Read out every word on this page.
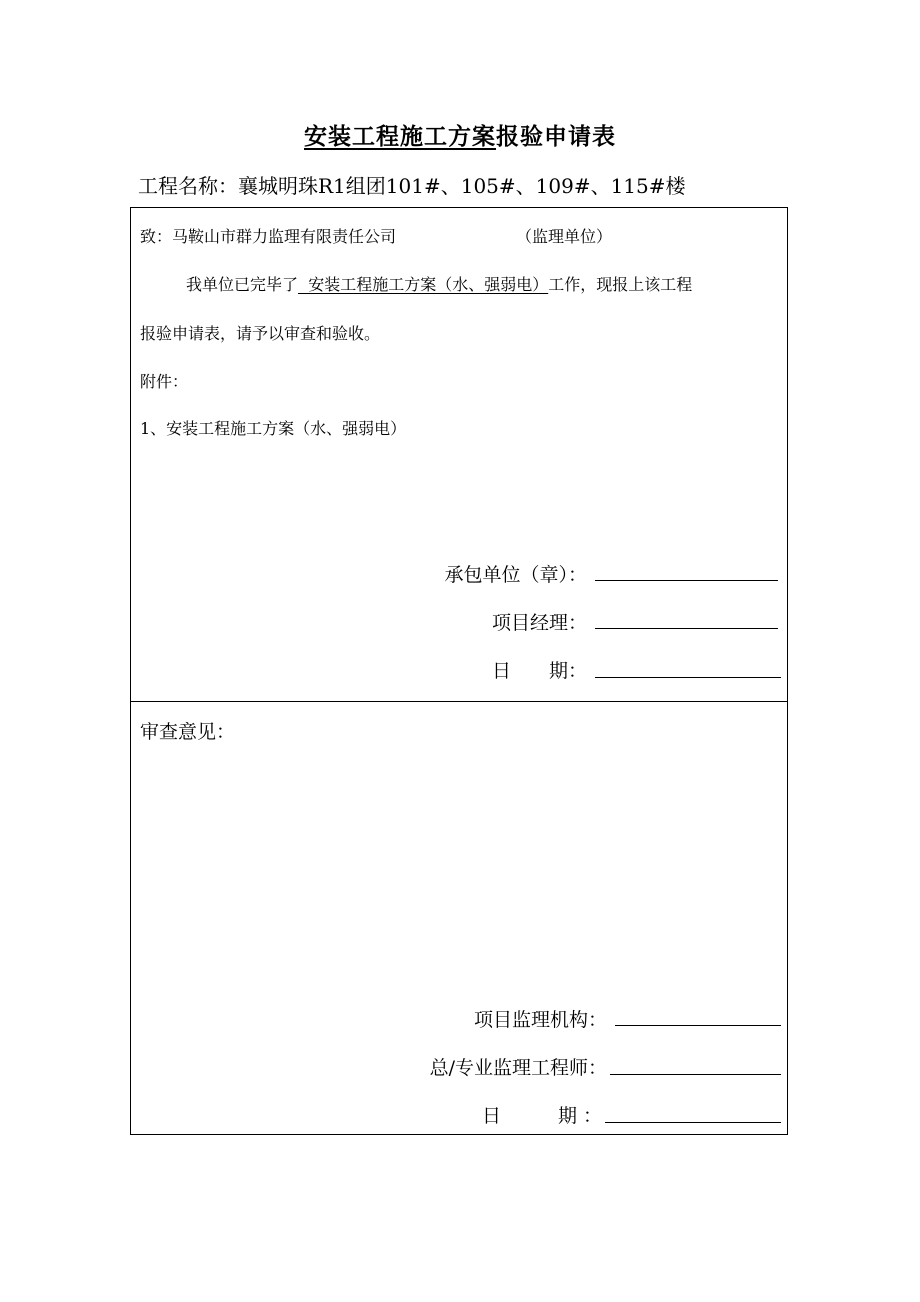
安装工程施工方案报验申请表
工程名称：襄城明珠R1组团101#、105#、109#、115#楼
致：马鞍山市群力监理有限责任公司	（监理单位）
我单位已完毕了  安装工程施工方案（水、强弱电）工作，现报上该工程
报验申请表，请予以审查和验收。
附件：
1、安装工程施工方案（水、强弱电）
承包单位（章）：
项目经理：
日　　期：
审查意见：
项目监理机构：
总/专业监理工程师：
日　　　期 ：
